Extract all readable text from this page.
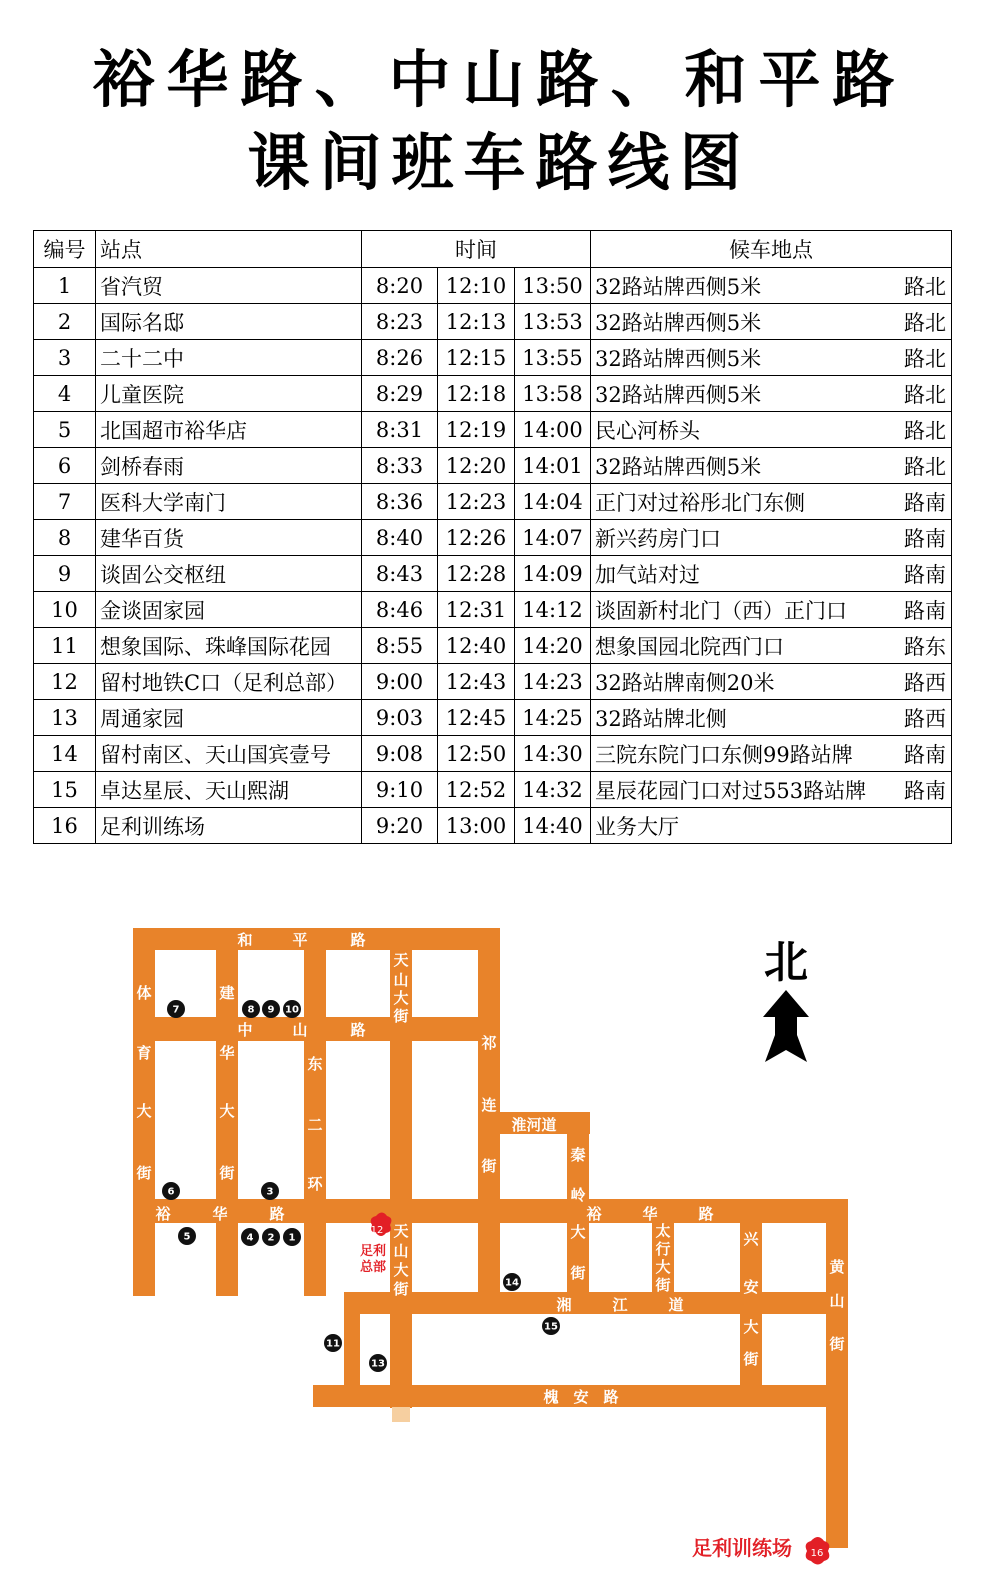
裕华路、中山路、和平路
课间班车路线图
编号	站点	时间			候车地点
1	省汽贸	8:20	12:10	13:50	32路站牌西侧5米 路北

2	国际名邸	8:23	12:13	13:53	32路站牌西侧5米 路北

3	二十二中	8:26	12:15	13:55	32路站牌西侧5米 路北

4	儿童医院	8:29	12:18	13:58	32路站牌西侧5米 路北

5	北国超市裕华店	8:31	12:19	14:00	民心河桥头 路北

6	剑桥春雨	8:33	12:20	14:01	32路站牌西侧5米 路北

7	医科大学南门	8:36	12:23	14:04	正门对过裕彤北门东侧 路南

8	建华百货	8:40	12:26	14:07	新兴药房门口 路南

9	谈固公交枢纽	8:43	12:28	14:09	加气站对过 路南

10	金谈固家园	8:46	12:31	14:12	谈固新村北门（西）正门口 路南

11	想象国际、珠峰国际花园	8:55	12:40	14:20	想象国园北院西门口 路东

12	留村地铁C口（足利总部）	9:00	12:43	14:23	32路站牌南侧20米 路西

13	周通家园	9:03	12:45	14:25	32路站牌北侧 路西

14	留村南区、天山国宾壹号	9:08	12:50	14:30	三院东院门口东侧99路站牌 路南

15	卓达星辰、天山熙湖	9:10	12:52	14:32	星辰花园门口对过553路站牌 路南

16	足利训练场	9:20	13:00	14:40	业务大厅
和	平	路
中	山	路
裕	华	路	裕	华	路
湘	江	道
槐 安 路
体
育
大
街
建
华
大
街
东
二
环
天
山
大
街
天
山
大
街
祁
连
街
秦
岭
大
街
太
行
大
街
兴
安
大
街
黄
山
街
淮河道
1
2
3
4
5
6
7	8 9 10
11
13
14
15
北
12
足利
总部
足利训练场 16
